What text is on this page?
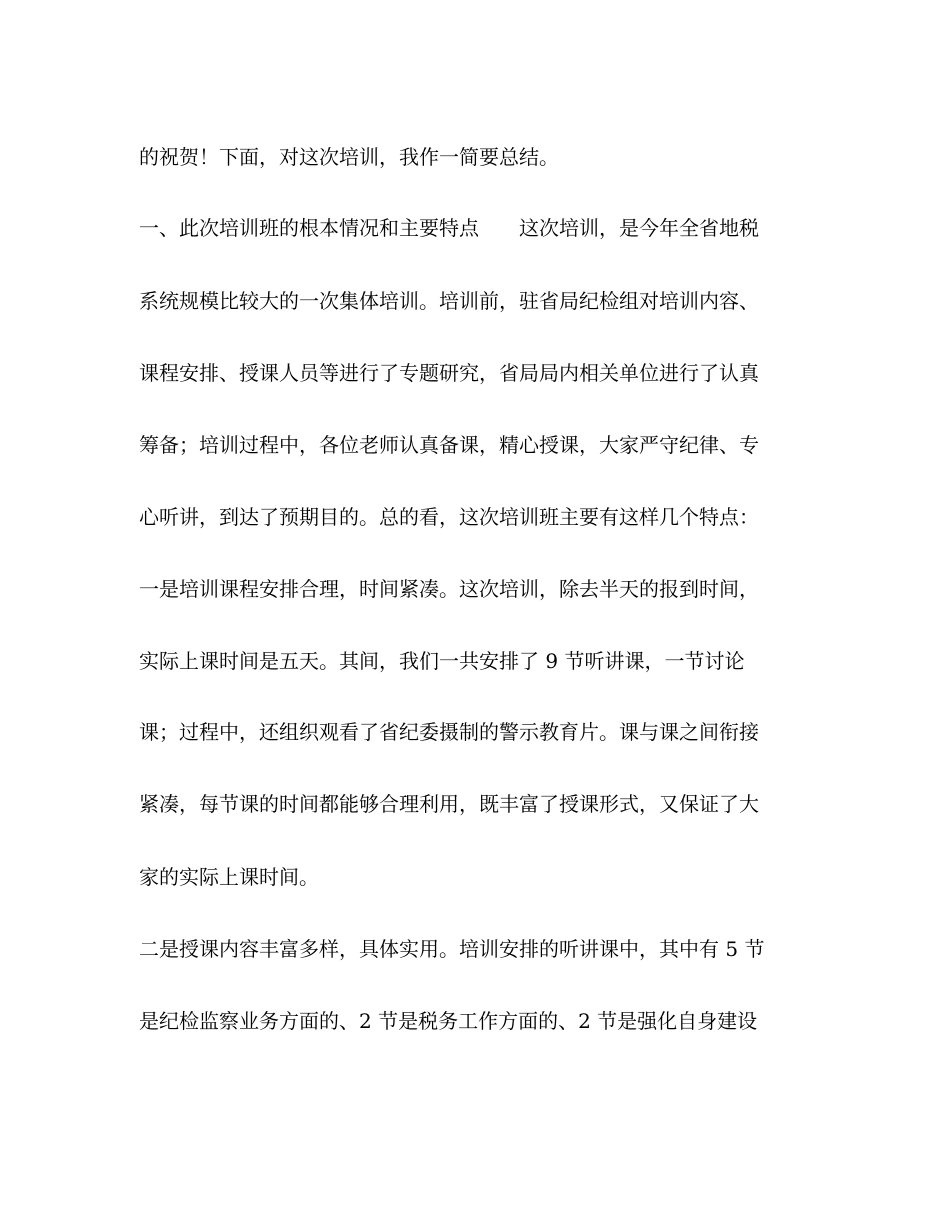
的祝贺！下面，对这次培训，我作一简要总结。
一、此次培训班的根本情况和主要特点　　这次培训，是今年全省地税
系统规模比较大的一次集体培训。培训前，驻省局纪检组对培训内容、
课程安排、授课人员等进行了专题研究，省局局内相关单位进行了认真
筹备；培训过程中，各位老师认真备课，精心授课，大家严守纪律、专
心听讲，到达了预期目的。总的看，这次培训班主要有这样几个特点：
一是培训课程安排合理，时间紧凑。这次培训，除去半天的报到时间，
实际上课时间是五天。其间，我们一共安排了 9 节听讲课，一节讨论
课；过程中，还组织观看了省纪委摄制的警示教育片。课与课之间衔接
紧凑，每节课的时间都能够合理利用，既丰富了授课形式，又保证了大
家的实际上课时间。
二是授课内容丰富多样，具体实用。培训安排的听讲课中，其中有 5 节
是纪检监察业务方面的、2 节是税务工作方面的、2 节是强化自身建设
